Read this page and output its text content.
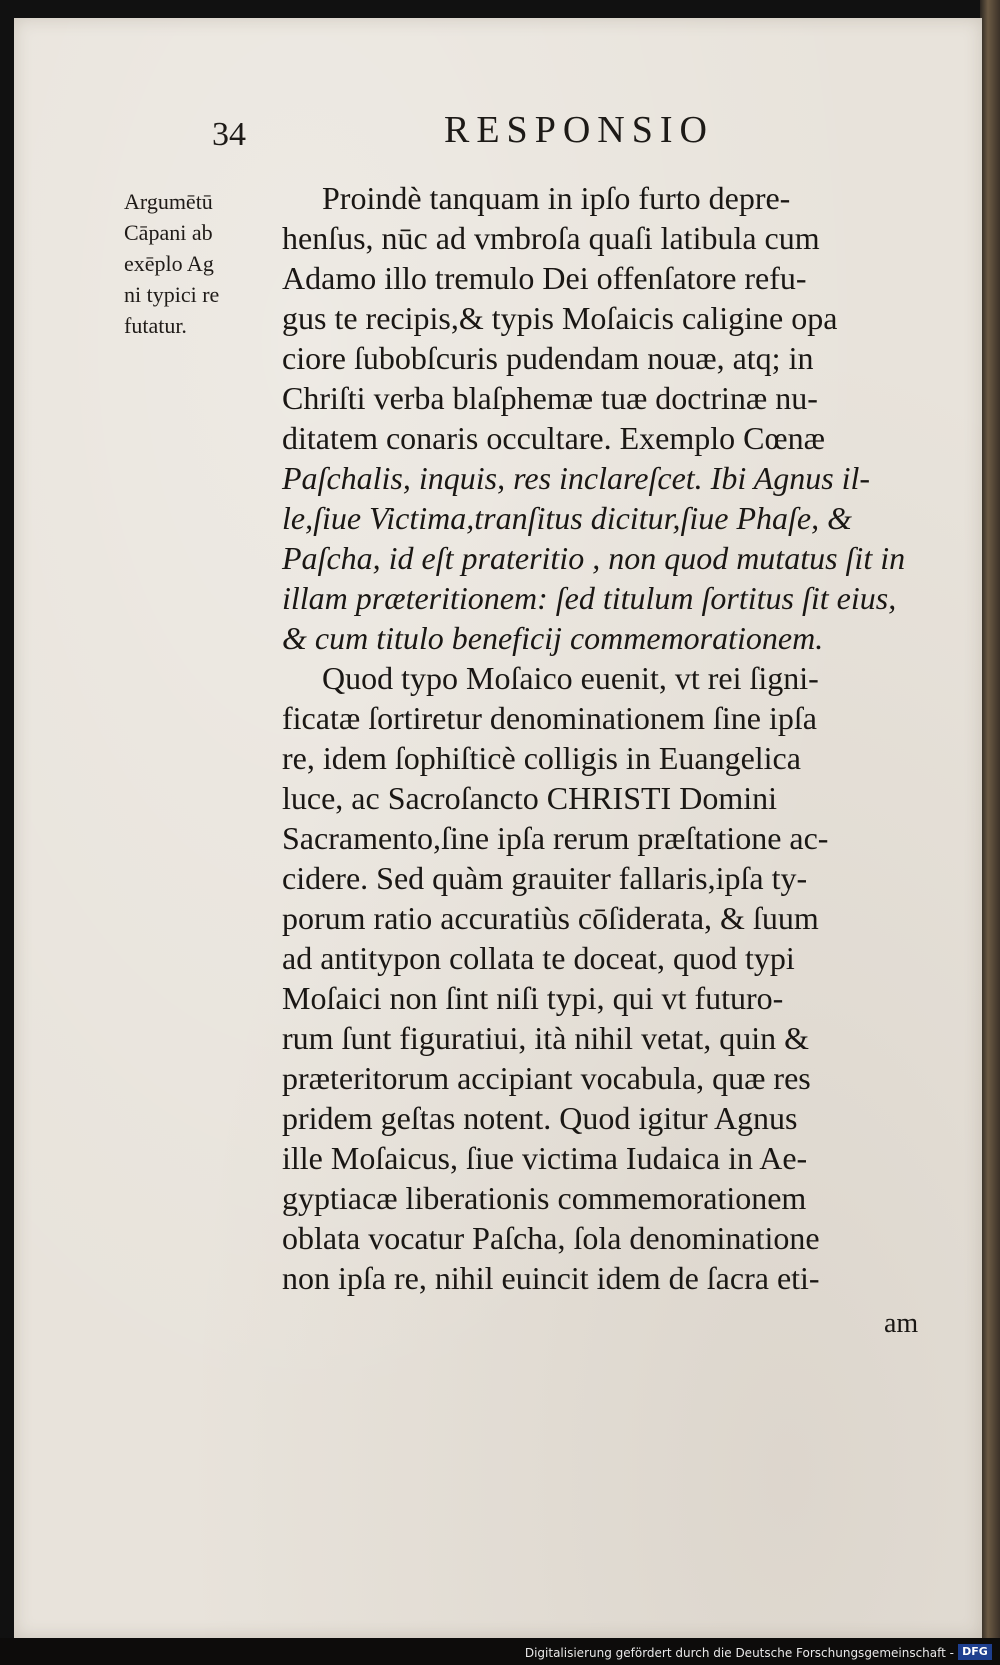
34	RESPONSIO
Argumētū
Cāpani ab
exēplo Ag
ni typici re
futatur.
Proindè tanquam in ipſo furto depre-
henſus, nūc ad vmbroſa quaſi latibula cum
Adamo illo tremulo Dei offenſatore refu-
gus te recipis,& typis Moſaicis caligine opa
ciore ſubobſcuris pudendam nouæ, atq; in
Chriſti verba blaſphemæ tuæ doctrinæ nu-
ditatem conaris occultare. Exemplo Cœnæ
Paſchalis, inquis, res inclareſcet. Ibi Agnus il-
le,ſiue Victima,tranſitus dicitur,ſiue Phaſe, &
Paſcha, id eſt prateritio , non quod mutatus ſit in
illam præteritionem: ſed titulum ſortitus ſit eius,
& cum titulo beneficij commemorationem.
Quod typo Moſaico euenit, vt rei ſigni-
ficatæ ſortiretur denominationem ſine ipſa
re, idem ſophiſticè colligis in Euangelica
luce, ac Sacroſancto CHRISTI Domini
Sacramento,ſine ipſa rerum præſtatione ac-
cidere. Sed quàm grauiter fallaris,ipſa ty-
porum ratio accuratiùs cōſiderata, & ſuum
ad antitypon collata te doceat, quod typi
Moſaici non ſint niſi typi, qui vt futuro-
rum ſunt figuratiui, ità nihil vetat, quin &
præteritorum accipiant vocabula, quæ res
pridem geſtas notent. Quod igitur Agnus
ille Moſaicus, ſiue victima Iudaica in Ae-
gyptiacæ liberationis commemorationem
oblata vocatur Paſcha, ſola denominatione
non ipſa re, nihil euincit idem de ſacra eti-
am
Digitalisierung gefördert durch die Deutsche Forschungsgemeinschaft - DFG
